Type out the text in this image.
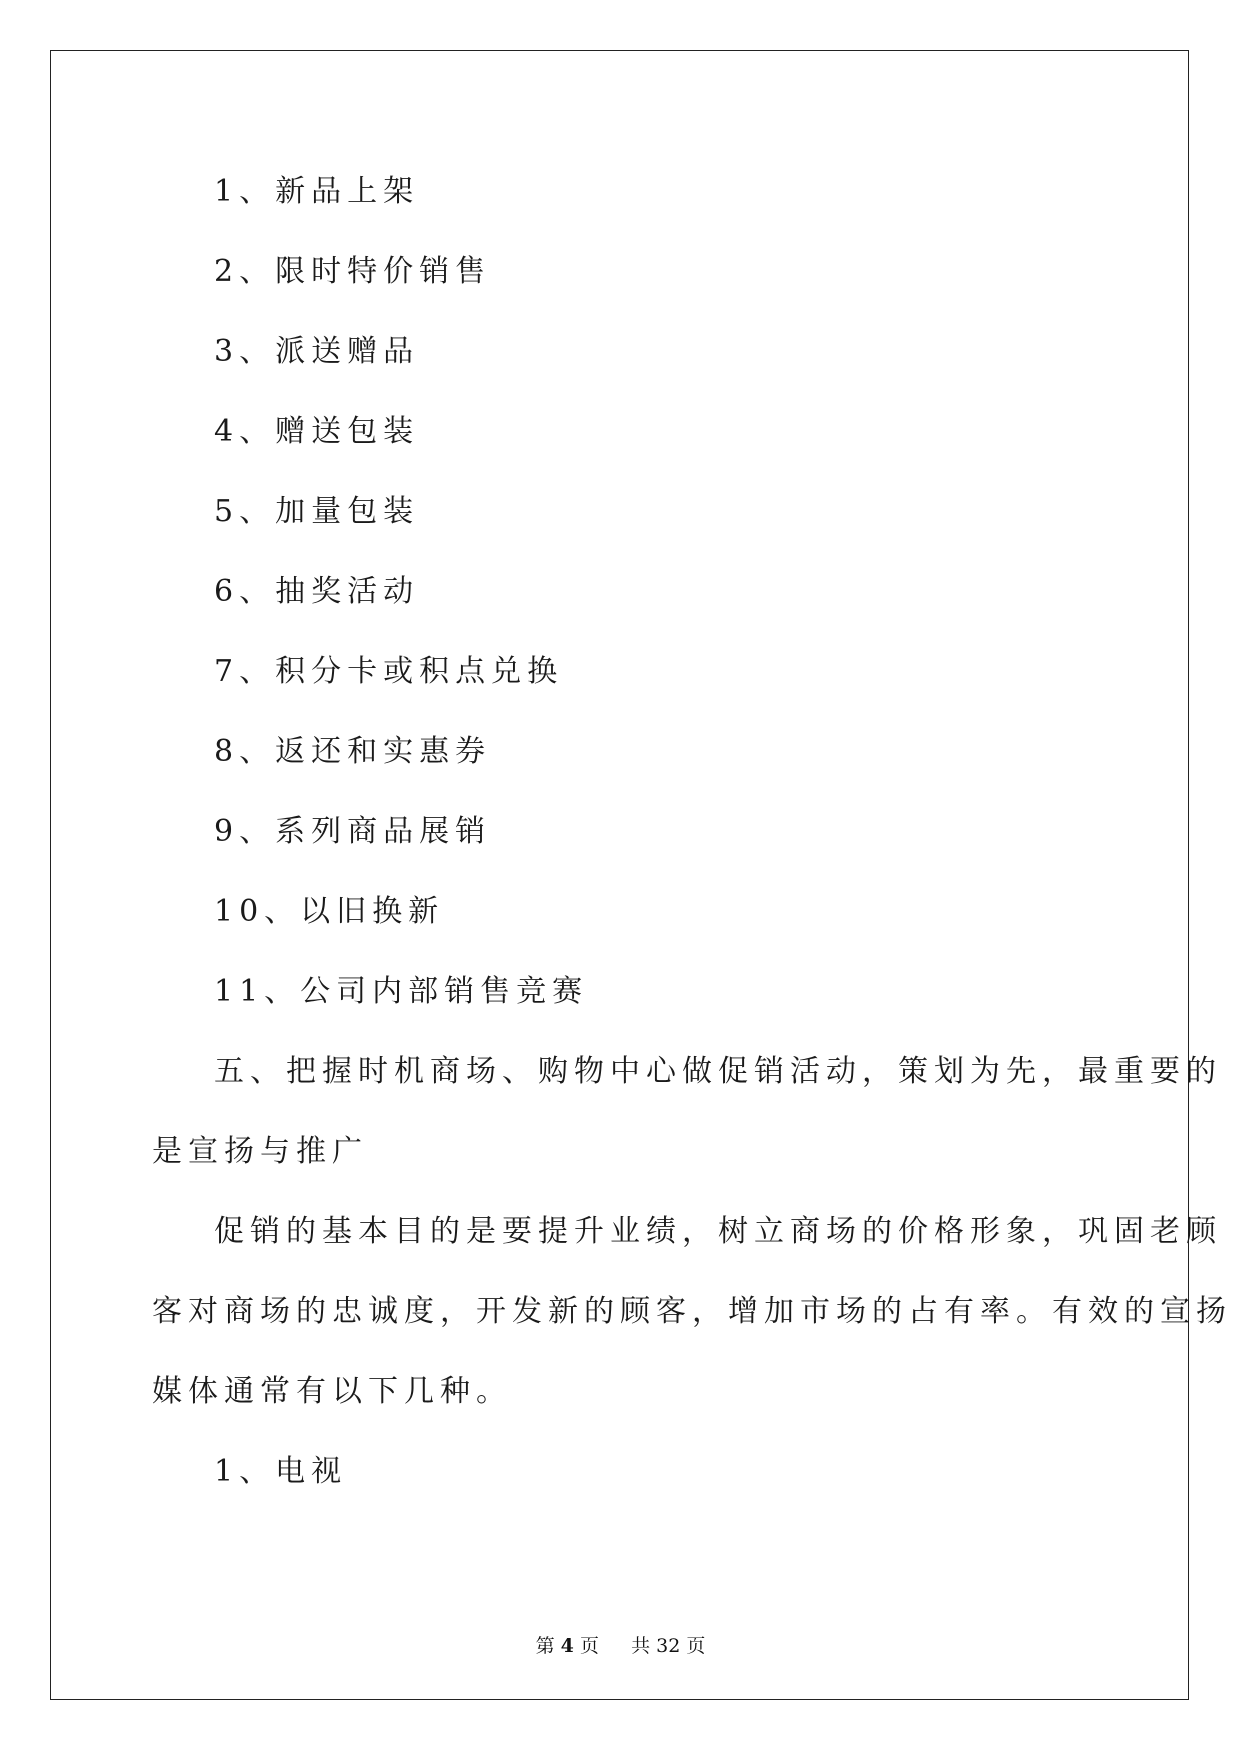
1、新品上架
2、限时特价销售
3、派送赠品
4、赠送包装
5、加量包装
6、抽奖活动
7、积分卡或积点兑换
8、返还和实惠券
9、系列商品展销
10、以旧换新
11、公司内部销售竞赛
五、把握时机商场、购物中心做促销活动，策划为先，最重要的
是宣扬与推广
促销的基本目的是要提升业绩，树立商场的价格形象，巩固老顾
客对商场的忠诚度，开发新的顾客，增加市场的占有率。有效的宣扬
媒体通常有以下几种。
1、电视
第 4 页 共 32 页
